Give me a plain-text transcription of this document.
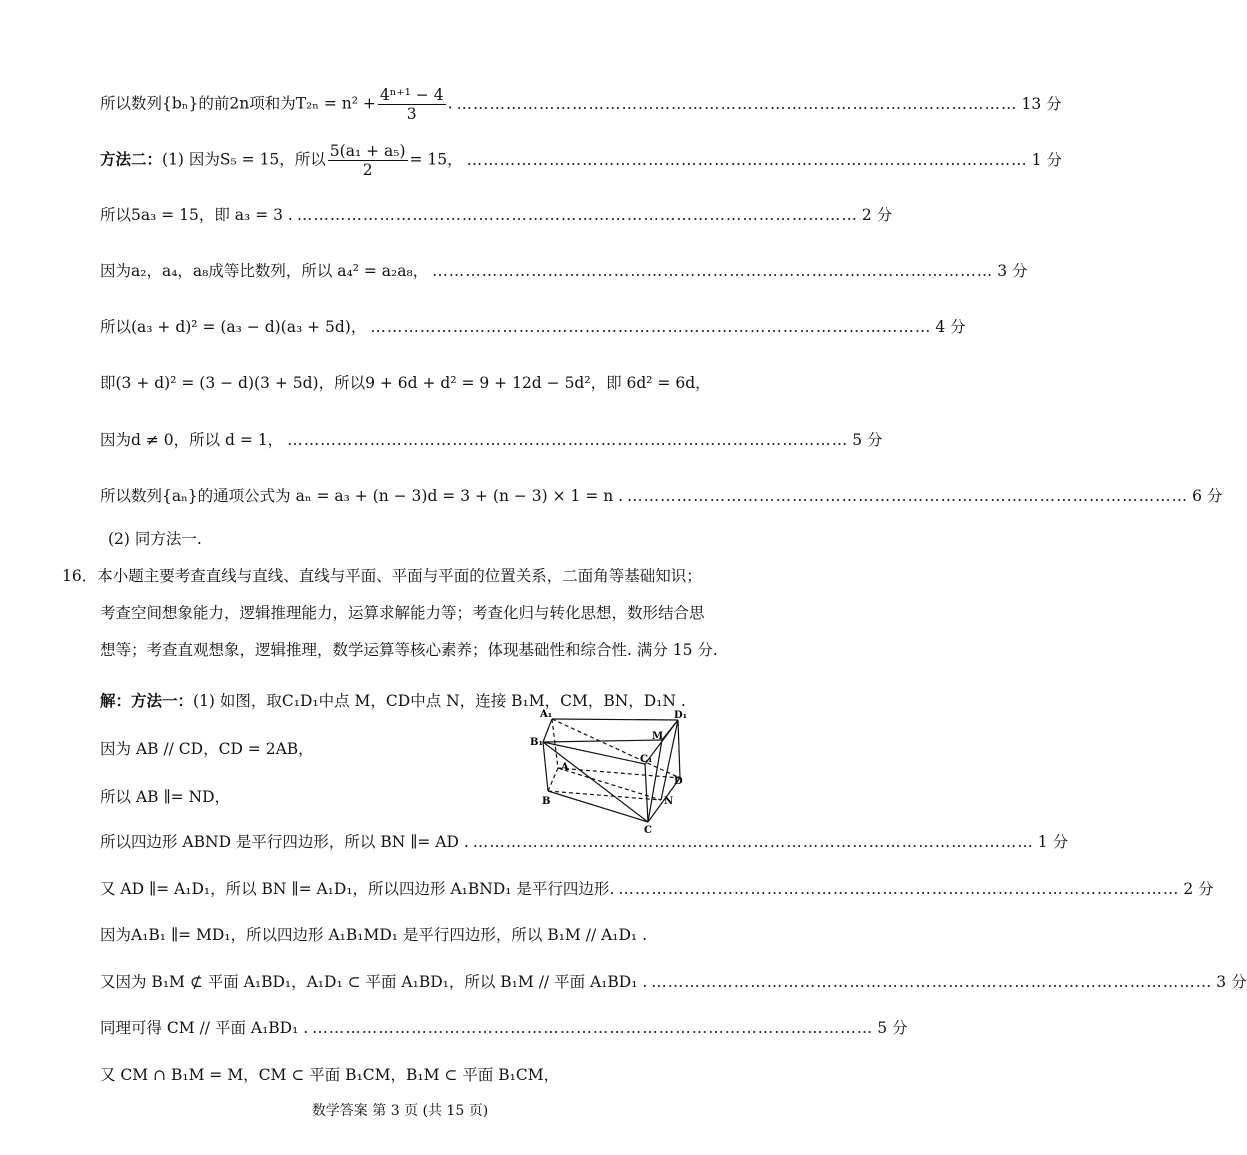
所以数列{bₙ}的前2n项和为$T_{2n} = n^2 + \frac{\text{4ⁿ⁺¹ − 4}}{3}$ . ………………………………………………………………………………………… 13 分
方法二：(1) 因为S₅ = 15，所以 $\frac{\text{5(a₁ + a₅)}}{2} = 15$， ………………………………………………………………………………………… 1 分
所以5a₃ = 15，即 a₃ = 3 . ………………………………………………………………………………………… 2 分
因为a₂，a₄，a₈成等比数列，所以 a₄² = a₂a₈， ………………………………………………………………………………………… 3 分
所以(a₃ + d)² = (a₃ − d)(a₃ + 5d)， ………………………………………………………………………………………… 4 分
即(3 + d)² = (3 − d)(3 + 5d)，所以9 + 6d + d² = 9 + 12d − 5d²，即 6d² = 6d，
因为d ≠ 0，所以 d = 1， ………………………………………………………………………………………… 5 分
所以数列{aₙ}的通项公式为 aₙ = a₃ + (n − 3)d = 3 + (n − 3) × 1 = n . ………………………………………………………………………………………… 6 分
(2) 同方法一.
16．本小题主要考查直线与直线、直线与平面、平面与平面的位置关系，二面角等基础知识；
考查空间想象能力，逻辑推理能力，运算求解能力等；考查化归与转化思想，数形结合思
想等；考查直观想象，逻辑推理，数学运算等核心素养；体现基础性和综合性. 满分 15 分.
解：方法一：(1) 如图，取C₁D₁中点 M，CD中点 N，连接 B₁M，CM，BN，D₁N .
因为 AB // CD，CD = 2AB，
所以 AB ∥= ND，
所以四边形 ABND 是平行四边形，所以 BN ∥= AD . ………………………………………………………………………………………… 1 分
又 AD ∥= A₁D₁，所以 BN ∥= A₁D₁，所以四边形 A₁BND₁ 是平行四边形. ………………………………………………………………………………………… 2 分
因为A₁B₁ ∥= MD₁，所以四边形 A₁B₁MD₁ 是平行四边形，所以 B₁M // A₁D₁ .
又因为 B₁M ⊄ 平面 A₁BD₁，A₁D₁ ⊂ 平面 A₁BD₁，所以 B₁M // 平面 A₁BD₁ . ………………………………………………………………………………………… 3 分
同理可得 CM // 平面 A₁BD₁ . ………………………………………………………………………………………… 5 分
又 CM ∩ B₁M = M，CM ⊂ 平面 B₁CM，B₁M ⊂ 平面 B₁CM，
A₁
B₁
D₁
M
C₁
A
D
B	N
C
数学答案 第 3 页 (共 15 页)
